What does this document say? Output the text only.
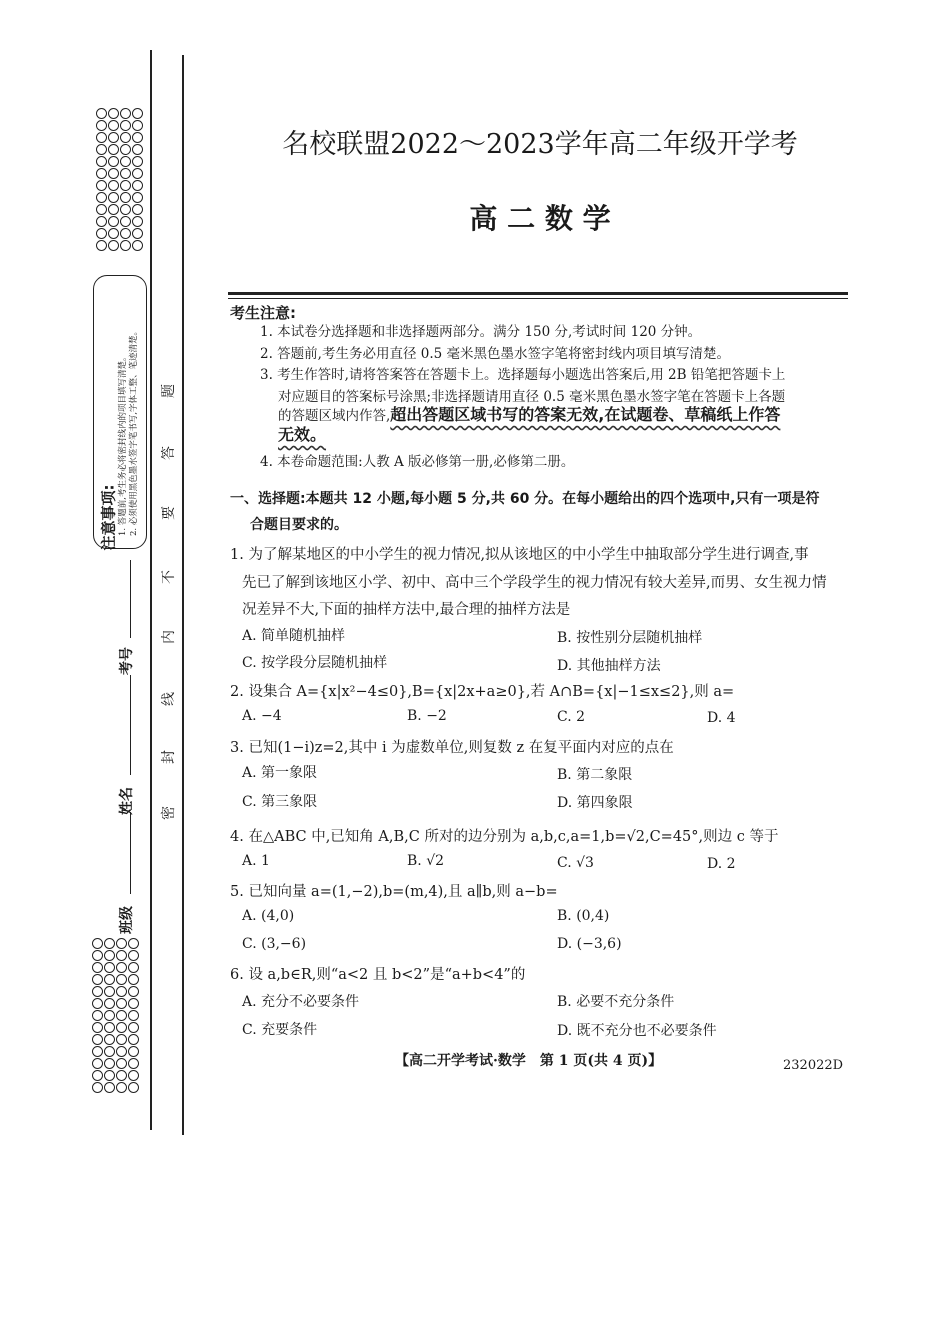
注意事项: 1. 答题前,考生务必将密封线内的项目填写清楚。 2. 必须使用黑色墨水签字笔书写,字体工整、笔迹清楚。 题
答
要
不
内
线
封
密
班级
姓名
考号
名校联盟2022～2023学年高二年级开学考
高 二 数 学
考生注意:
1. 本试卷分选择题和非选择题两部分。满分 150 分,考试时间 120 分钟。
2. 答题前,考生务必用直径 0.5 毫米黑色墨水签字笔将密封线内项目填写清楚。
3. 考生作答时,请将答案答在答题卡上。选择题每小题选出答案后,用 2B 铅笔把答题卡上
对应题目的答案标号涂黑;非选择题请用直径 0.5 毫米黑色墨水签字笔在答题卡上各题
的答题区域内作答,超出答题区域书写的答案无效,在试题卷、草稿纸上作答
无效。
4. 本卷命题范围:人教 A 版必修第一册,必修第二册。
一、选择题:本题共 12 小题,每小题 5 分,共 60 分。在每小题给出的四个选项中,只有一项是符
合题目要求的。
1. 为了解某地区的中小学生的视力情况,拟从该地区的中小学生中抽取部分学生进行调查,事
先已了解到该地区小学、初中、高中三个学段学生的视力情况有较大差异,而男、女生视力情
况差异不大,下面的抽样方法中,最合理的抽样方法是
A. 简单随机抽样	B. 按性别分层随机抽样
C. 按学段分层随机抽样	D. 其他抽样方法
2. 设集合 A={x|x²−4≤0},B={x|2x+a≥0},若 A∩B={x|−1≤x≤2},则 a=
A. −4	B. −2	C. 2	D. 4
3. 已知(1−i)z=2,其中 i 为虚数单位,则复数 z 在复平面内对应的点在
A. 第一象限	B. 第二象限
C. 第三象限	D. 第四象限
4. 在△ABC 中,已知角 A,B,C 所对的边分别为 a,b,c,a=1,b=√2,C=45°,则边 c 等于
A. 1	B. √2	C. √3	D. 2
5. 已知向量 a=(1,−2),b=(m,4),且 a∥b,则 a−b=
A. (4,0)	B. (0,4)
C. (3,−6)	D. (−3,6)
6. 设 a,b∈R,则“a<2 且 b<2”是“a+b<4”的
A. 充分不必要条件	B. 必要不充分条件
C. 充要条件	D. 既不充分也不必要条件
【高二开学考试·数学　第 1 页(共 4 页)】	232022D
